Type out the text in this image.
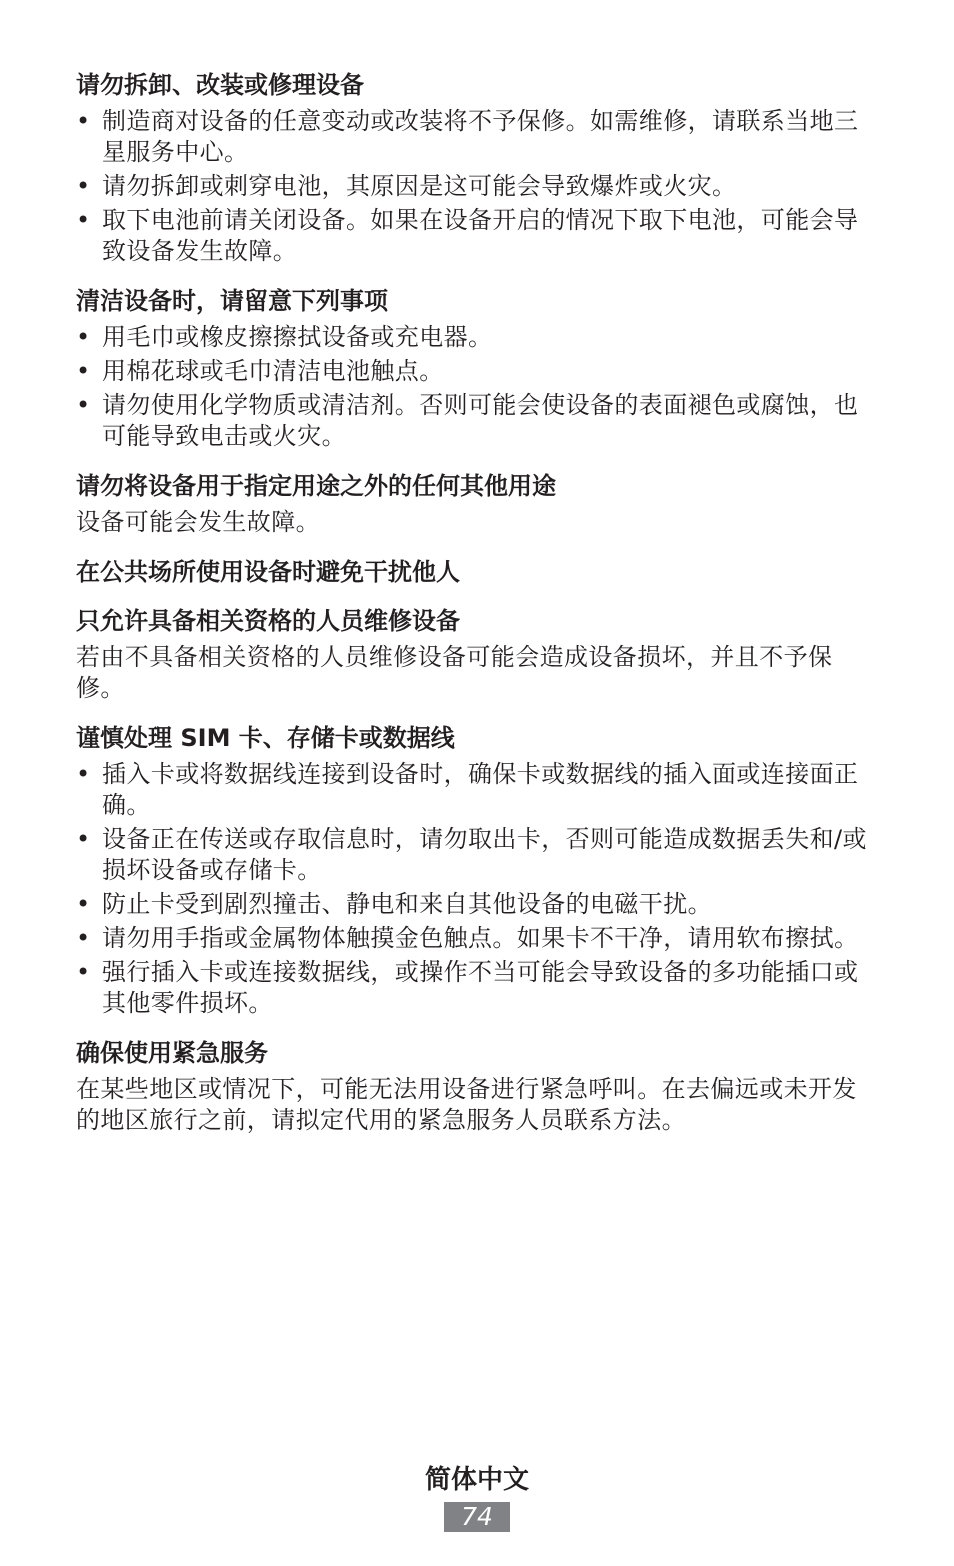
请勿拆卸、改装或修理设备
• 制造商对设备的任意变动或改装将不予保修。如需维修，请联系当地三星服务中心。
• 请勿拆卸或刺穿电池，其原因是这可能会导致爆炸或火灾。
• 取下电池前请关闭设备。如果在设备开启的情况下取下电池，可能会导致设备发生故障。
清洁设备时，请留意下列事项
• 用毛巾或橡皮擦擦拭设备或充电器。
• 用棉花球或毛巾清洁电池触点。
• 请勿使用化学物质或清洁剂。否则可能会使设备的表面褪色或腐蚀，也可能导致电击或火灾。
请勿将设备用于指定用途之外的任何其他用途

设备可能会发生故障。

在公共场所使用设备时避免干扰他人
只允许具备相关资格的人员维修设备

若由不具备相关资格的人员维修设备可能会造成设备损坏，并且不予保修。

谨慎处理 SIM 卡、存储卡或数据线
• 插入卡或将数据线连接到设备时，确保卡或数据线的插入面或连接面正确。
• 设备正在传送或存取信息时，请勿取出卡，否则可能造成数据丢失和/或损坏设备或存储卡。
• 防止卡受到剧烈撞击、静电和来自其他设备的电磁干扰。
• 请勿用手指或金属物体触摸金色触点。如果卡不干净，请用软布擦拭。
• 强行插入卡或连接数据线，或操作不当可能会导致设备的多功能插口或其他零件损坏。
确保使用紧急服务

在某些地区或情况下，可能无法用设备进行紧急呼叫。在去偏远或未开发的地区旅行之前，请拟定代用的紧急服务人员联系方法。

简体中文
74
